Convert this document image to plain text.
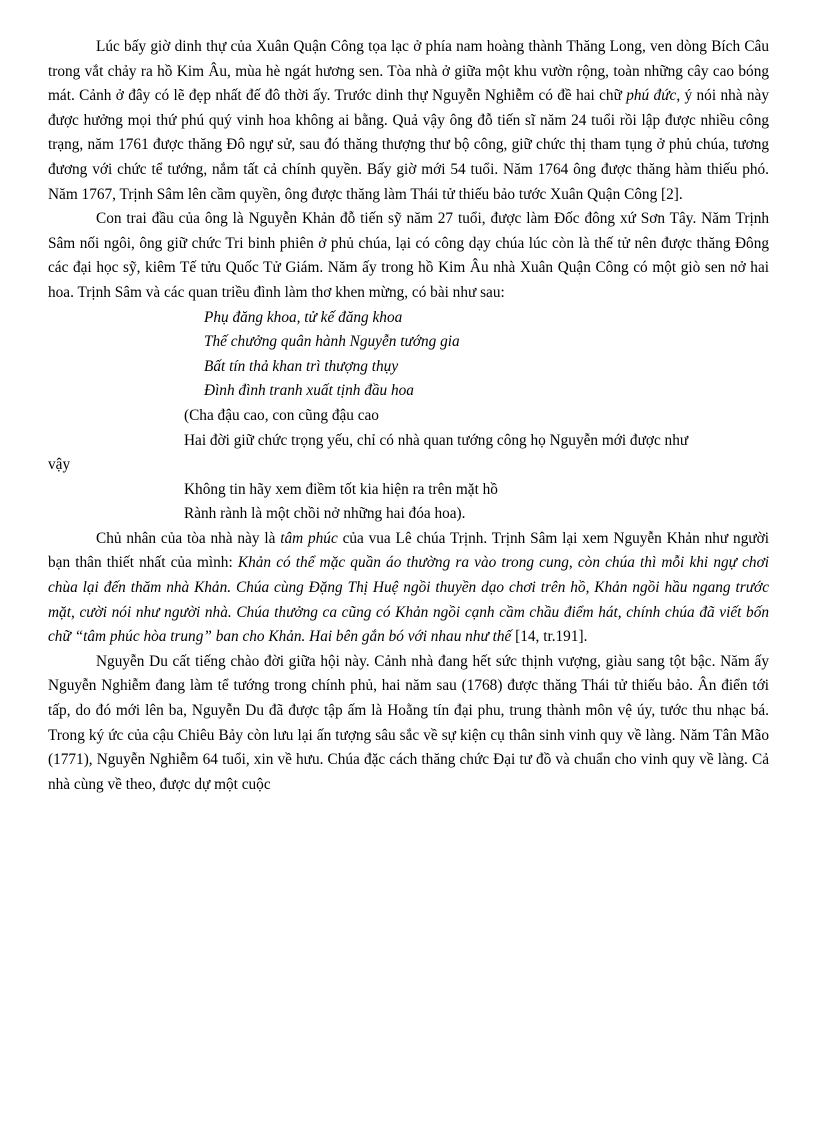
Lúc bấy giờ dinh thự của Xuân Quận Công tọa lạc ở phía nam hoàng thành Thăng Long, ven dòng Bích Câu trong vắt chảy ra hồ Kim Âu, mùa hè ngát hương sen. Tòa nhà ở giữa một khu vườn rộng, toàn những cây cao bóng mát. Cảnh ở đây có lẽ đẹp nhất đế đô thời ấy. Trước dinh thự Nguyễn Nghiễm có đề hai chữ phú đức, ý nói nhà này được hưởng mọi thứ phú quý vinh hoa không ai bằng. Quả vậy ông đỗ tiến sĩ năm 24 tuổi rồi lập được nhiều công trạng, năm 1761 được thăng Đô ngự sử, sau đó thăng thượng thư bộ công, giữ chức thị tham tụng ở phủ chúa, tương đương với chức tể tướng, nắm tất cả chính quyền. Bấy giờ mới 54 tuổi. Năm 1764 ông được thăng hàm thiếu phó. Năm 1767, Trịnh Sâm lên cầm quyền, ông được thăng làm Thái tử thiếu bảo tước Xuân Quận Công [2].

Con trai đầu của ông là Nguyễn Khản đỗ tiến sỹ năm 27 tuổi, được làm Đốc đông xứ Sơn Tây. Năm Trịnh Sâm nối ngôi, ông giữ chức Tri binh phiên ở phủ chúa, lại có công dạy chúa lúc còn là thế tử nên được thăng Đông các đại học sỹ, kiêm Tế tửu Quốc Tử Giám. Năm ấy trong hồ Kim Âu nhà Xuân Quận Công có một giò sen nở hai hoa. Trịnh Sâm và các quan triều đình làm thơ khen mừng, có bài như sau:

Phụ đăng khoa, tử kế đăng khoa
Thế chưởng quân hành Nguyễn tướng gia
Bất tín thả khan trì thượng thụy
Đình đình tranh xuất tịnh đầu hoa
(Cha đậu cao, con cũng đậu cao
Hai đời giữ chức trọng yếu, chỉ có nhà quan tướng công họ Nguyễn mới được như
vậy
Không tin hãy xem điềm tốt kia hiện ra trên mặt hồ
Rành rành là một chồi nở những hai đóa hoa).

Chủ nhân của tòa nhà này là tâm phúc của vua Lê chúa Trịnh. Trịnh Sâm lại xem Nguyễn Khản như người bạn thân thiết nhất của mình: Khản có thể mặc quần áo thường ra vào trong cung, còn chúa thì mỗi khi ngự chơi chùa lại đến thăm nhà Khản. Chúa cùng Đặng Thị Huệ ngồi thuyền dạo chơi trên hồ, Khản ngồi hầu ngang trước mặt, cười nói như người nhà. Chúa thưởng ca cũng có Khản ngồi cạnh cầm chầu điểm hát, chính chúa đã viết bốn chữ “tâm phúc hòa trung” ban cho Khản. Hai bên gắn bó với nhau như thế [14, tr.191].

Nguyễn Du cất tiếng chào đời giữa hội này. Cảnh nhà đang hết sức thịnh vượng, giàu sang tột bậc. Năm ấy Nguyễn Nghiễm đang làm tể tướng trong chính phủ, hai năm sau (1768) được thăng Thái tử thiếu bảo. Ân điển tới tấp, do đó mới lên ba, Nguyễn Du đã được tập ấm là Hoằng tín đại phu, trung thành môn vệ úy, tước thu nhạc bá. Trong ký ức của cậu Chiêu Bảy còn lưu lại ấn tượng sâu sắc về sự kiện cụ thân sinh vinh quy về làng. Năm Tân Mão (1771), Nguyễn Nghiễm 64 tuổi, xin về hưu. Chúa đặc cách thăng chức Đại tư đồ và chuẩn cho vinh quy về làng. Cả nhà cùng về theo, được dự một cuộc
